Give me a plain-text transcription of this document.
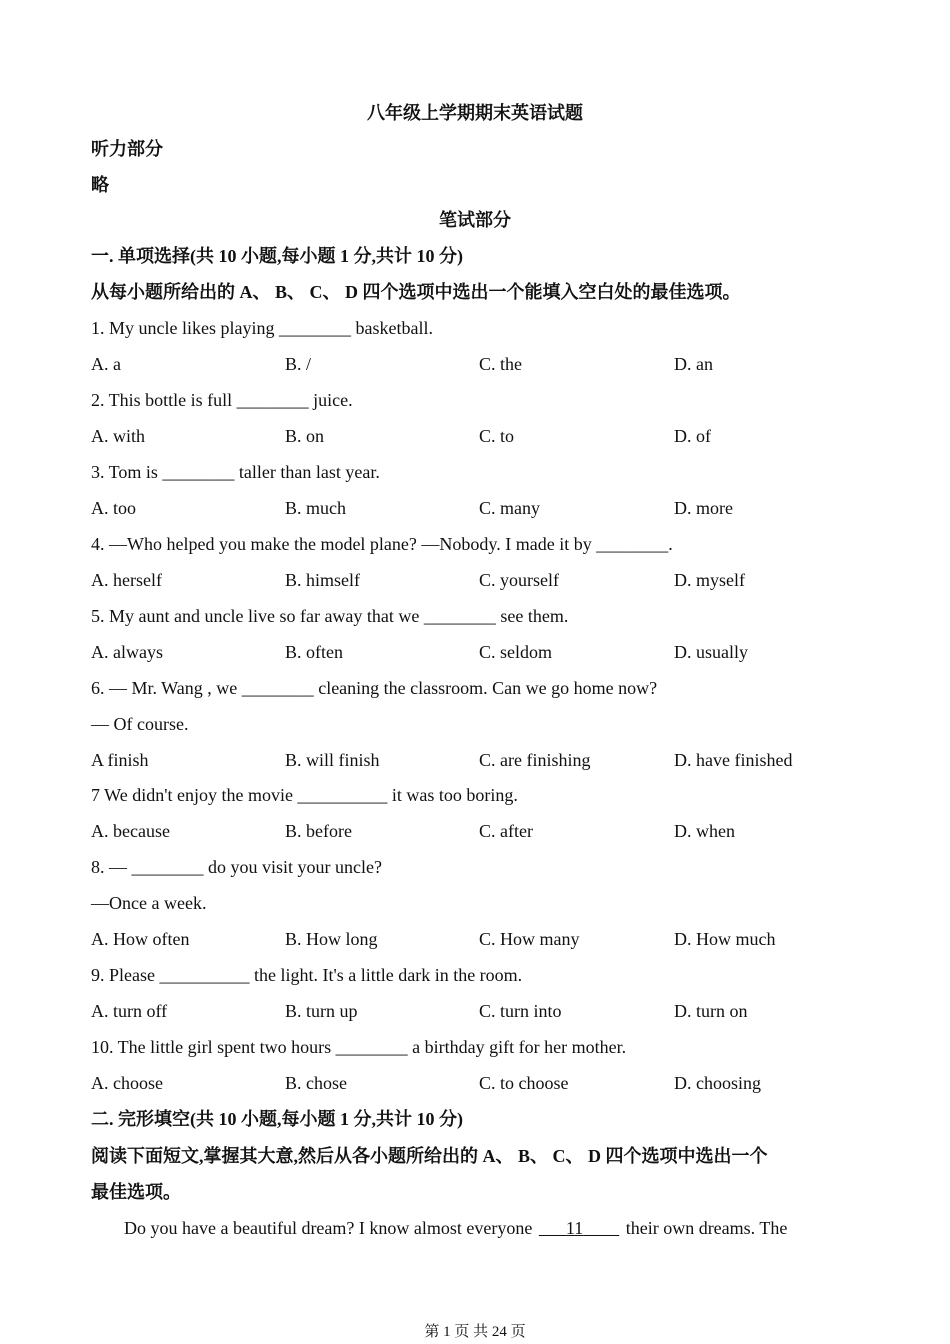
八年级上学期期末英语试题
听力部分
略
笔试部分
一. 单项选择(共 10 小题,每小题 1 分,共计 10 分)
从每小题所给出的 A、 B、 C、 D 四个选项中选出一个能填入空白处的最佳选项。
1. My uncle likes playing ________ basketball.
A. a	B. /	C. the	D. an
2. This bottle is full ________ juice.
A. with	B. on	C. to	D. of
3. Tom is ________ taller than last year.
A. too	B. much	C. many	D. more
4. —Who helped you make the model plane? —Nobody. I made it by ________.
A. herself	B. himself	C. yourself	D. myself
5. My aunt and uncle live so far away that we ________ see them.
A. always	B. often	C. seldom	D. usually
6. — Mr. Wang , we ________ cleaning the classroom. Can we go home now?
— Of course.
A finish	B. will finish	C. are finishing	D. have finished
7 We didn't enjoy the movie __________ it was too boring.
A. because	B. before	C. after	D. when
8. — ________ do you visit your uncle?
—Once a week.
A. How often	B. How long	C. How many	D. How much
9. Please __________ the light. It's a little dark in the room.
A. turn off	B. turn up	C. turn into	D. turn on
10. The little girl spent two hours ________ a birthday gift for her mother.
A. choose	B. chose	C. to choose	D. choosing
二. 完形填空(共 10 小题,每小题 1 分,共计 10 分)
阅读下面短文,掌握其大意,然后从各小题所给出的 A、 B、 C、 D 四个选项中选出一个
最佳选项。
Do you have a beautiful dream? I know almost everyone 11 their own dreams. The
第 1 页 共 24 页
